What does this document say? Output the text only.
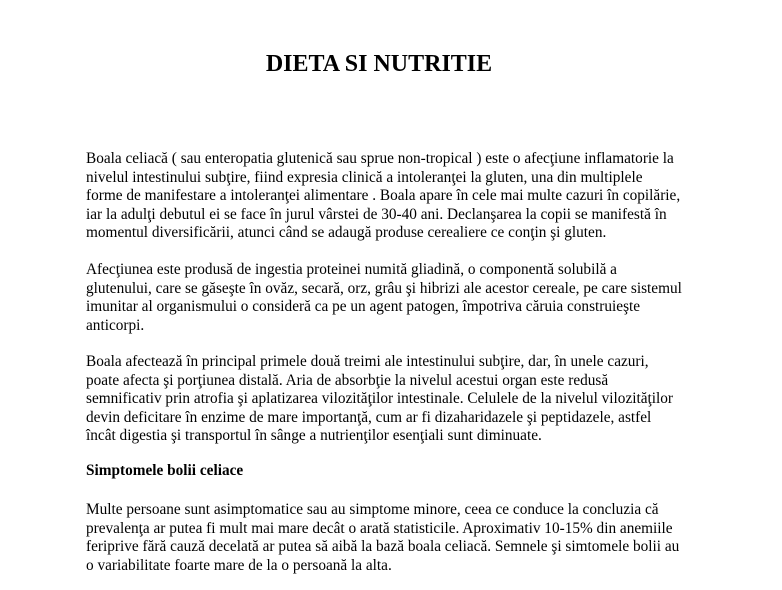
DIETA SI NUTRITIE

Boala celiacă ( sau enteropatia glutenică sau sprue non-tropical ) este o afecţiune inflamatorie la
nivelul intestinului subţire, fiind expresia clinică a intoleranţei la gluten, una din multiplele
forme de manifestare a intoleranţei alimentare . Boala apare în cele mai multe cazuri în copilărie,
iar la adulţi debutul ei se face în jurul vârstei de 30-40 ani. Declanşarea la copii se manifestă în
momentul diversificării, atunci când se adaugă produse cerealiere ce conţin şi gluten.

Afecţiunea este produsă de ingestia proteinei numită gliadină, o componentă solubilă a
glutenului, care se găseşte în ovăz, secară, orz, grâu şi hibrizi ale acestor cereale, pe care sistemul
imunitar al organismului o consideră ca pe un agent patogen, împotriva căruia construieşte
anticorpi.

Boala afectează în principal primele două treimi ale intestinului subţire, dar, în unele cazuri,
poate afecta şi porţiunea distală. Aria de absorbţie la nivelul acestui organ este redusă
semnificativ prin atrofia şi aplatizarea vilozităţilor intestinale. Celulele de la nivelul vilozităţilor
devin deficitare în enzime de mare importanţă, cum ar fi dizaharidazele şi peptidazele, astfel
încât digestia şi transportul în sânge a nutrienţilor esenţiali sunt diminuate.

Simptomele bolii celiace

Multe persoane sunt asimptomatice sau au simptome minore, ceea ce conduce la concluzia că
prevalenţa ar putea fi mult mai mare decât o arată statisticile. Aproximativ 10-15% din anemiile
feriprive fără cauză decelată ar putea să aibă la bază boala celiacă. Semnele şi simtomele bolii au
o variabilitate foarte mare de la o persoană la alta.
